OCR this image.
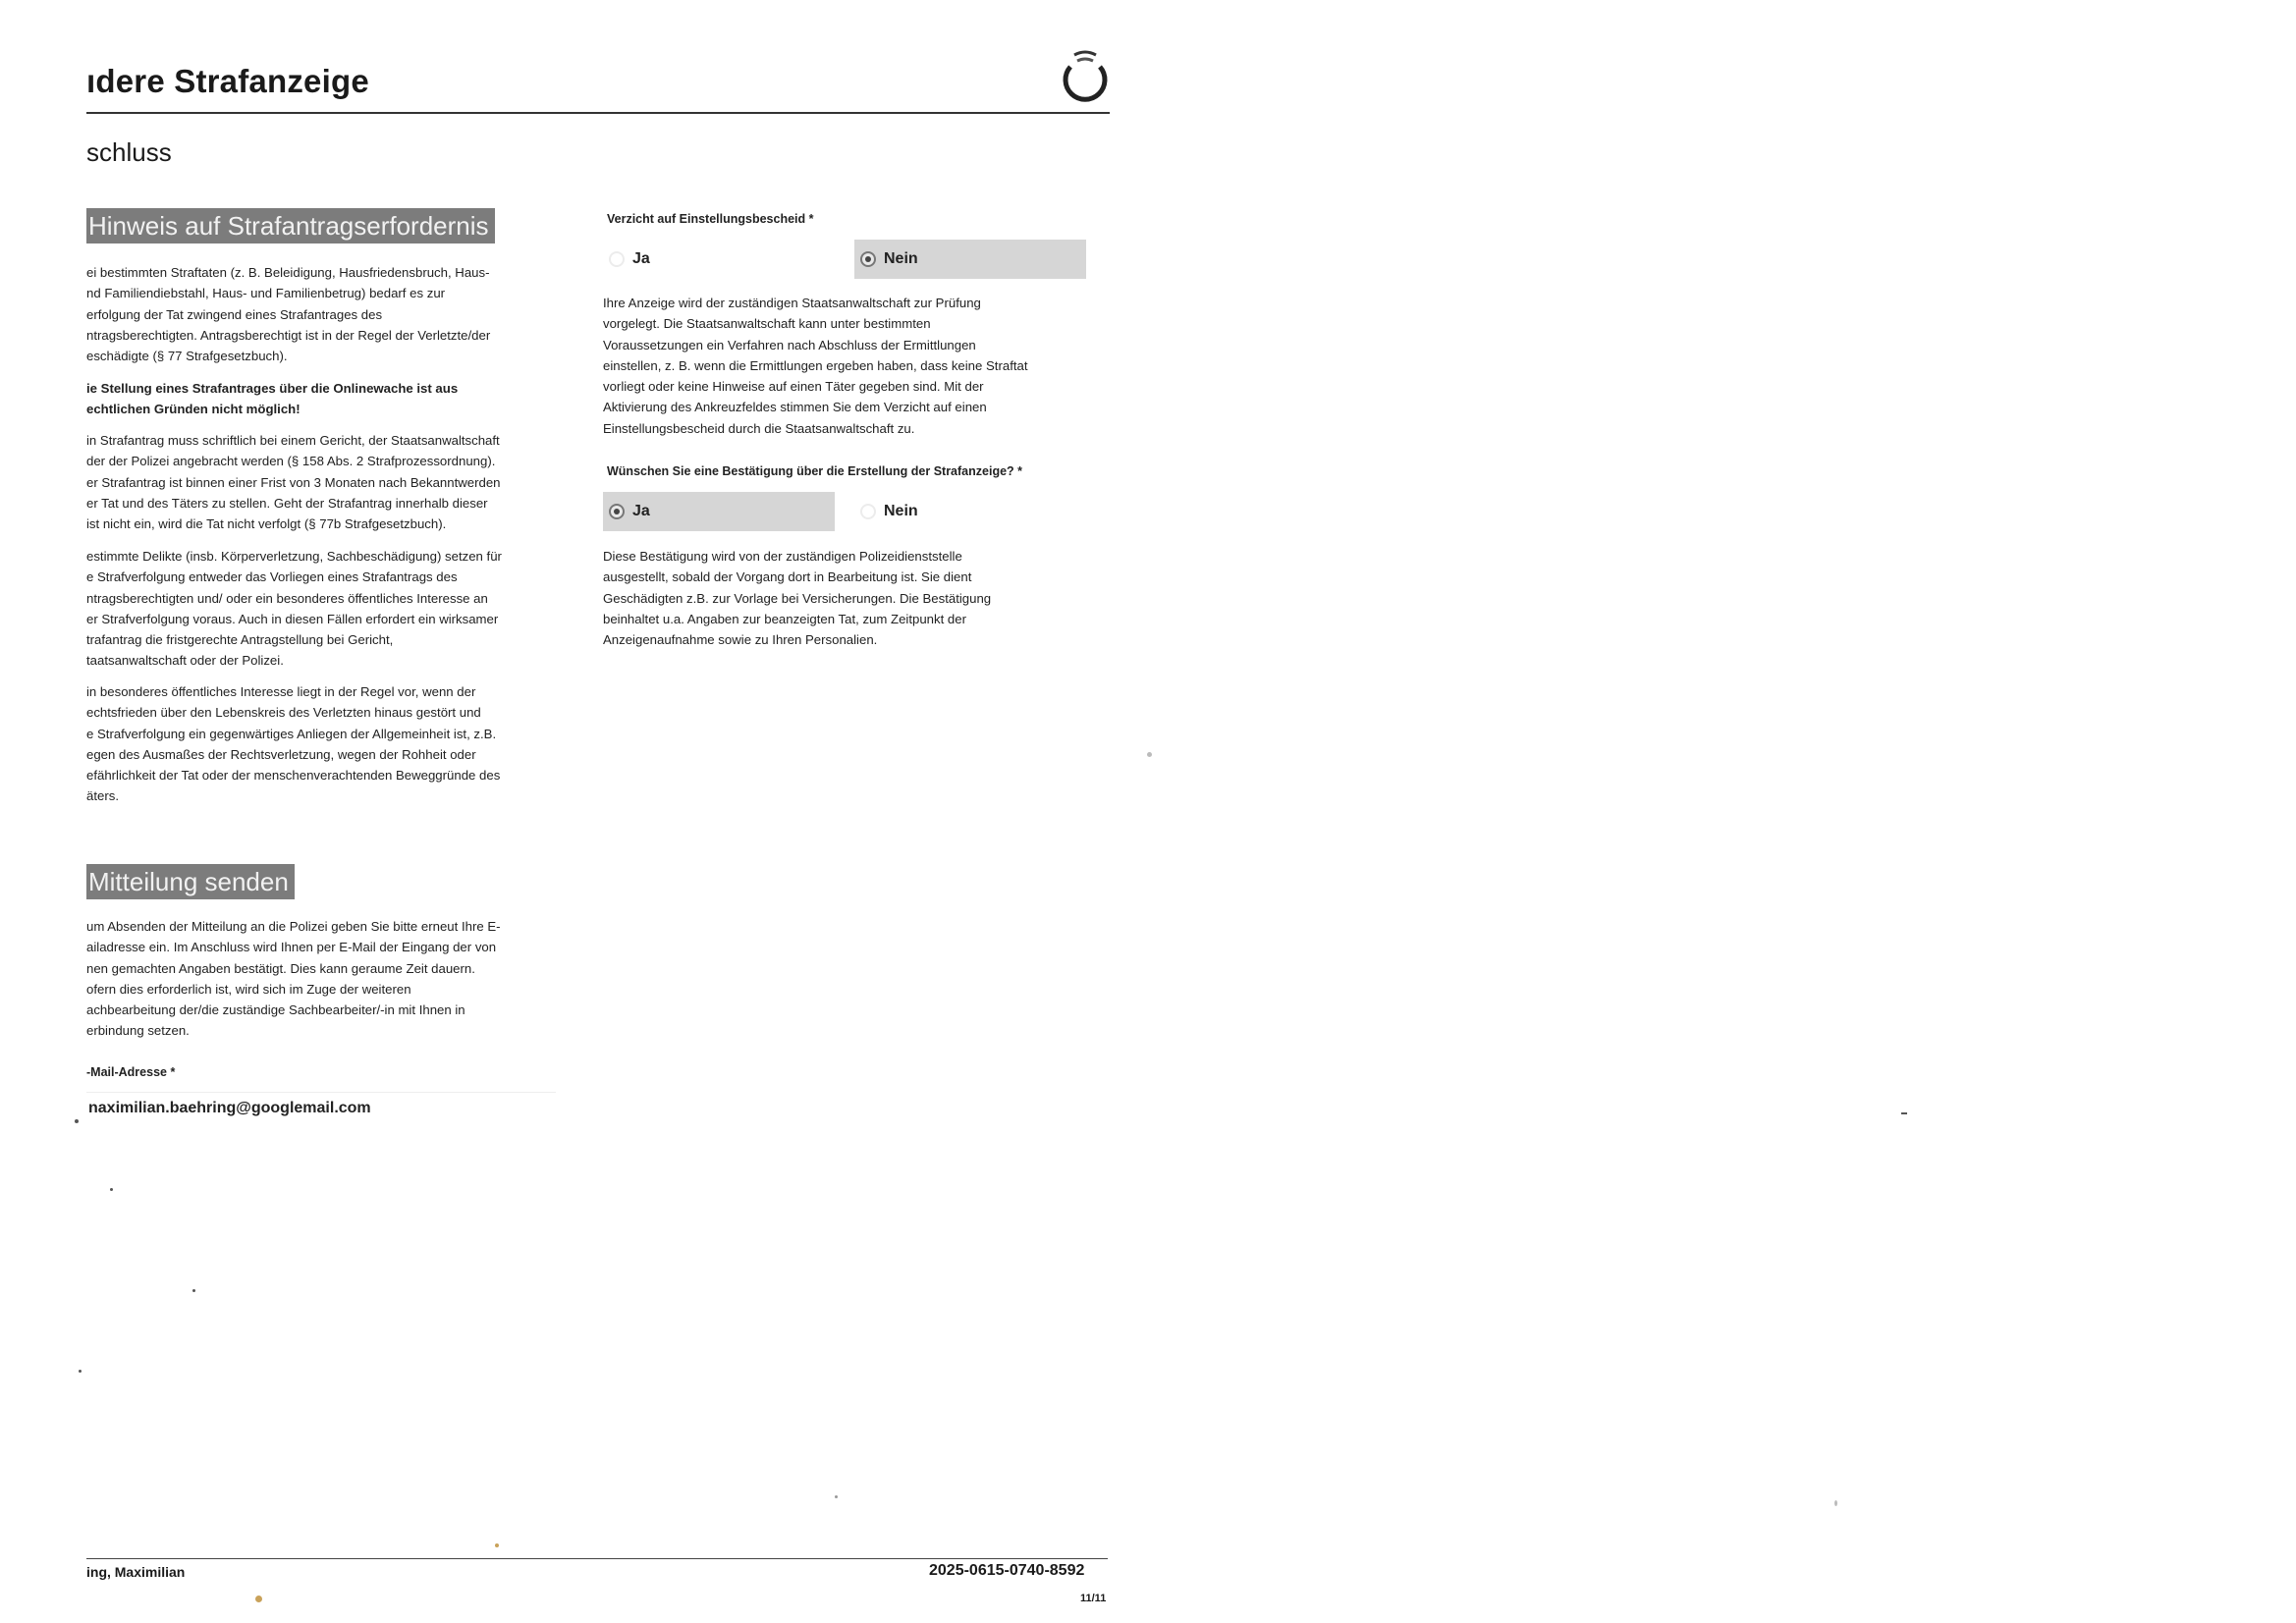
ıdere Strafanzeige
schluss
Hinweis auf Strafantragserfordernis

ei bestimmten Straftaten (z. B. Beleidigung, Hausfriedensbruch, Haus-
nd Familiendiebstahl, Haus- und Familienbetrug) bedarf es zur
erfolgung der Tat zwingend eines Strafantrages des
ntragsberechtigten. Antragsberechtigt ist in der Regel der Verletzte/der
eschädigte (§ 77 Strafgesetzbuch).

ie Stellung eines Strafantrages über die Onlinewache ist aus
echtlichen Gründen nicht möglich!

in Strafantrag muss schriftlich bei einem Gericht, der Staatsanwaltschaft
der der Polizei angebracht werden (§ 158 Abs. 2 Strafprozessordnung).
er Strafantrag ist binnen einer Frist von 3 Monaten nach Bekanntwerden
er Tat und des Täters zu stellen. Geht der Strafantrag innerhalb dieser
ist nicht ein, wird die Tat nicht verfolgt (§ 77b Strafgesetzbuch).

estimmte Delikte (insb. Körperverletzung, Sachbeschädigung) setzen für
e Strafverfolgung entweder das Vorliegen eines Strafantrags des
ntragsberechtigten und/ oder ein besonderes öffentliches Interesse an
er Strafverfolgung voraus. Auch in diesen Fällen erfordert ein wirksamer
trafantrag die fristgerechte Antragstellung bei Gericht,
taatsanwaltschaft oder der Polizei.

in besonderes öffentliches Interesse liegt in der Regel vor, wenn der
echtsfrieden über den Lebenskreis des Verletzten hinaus gestört und
e Strafverfolgung ein gegenwärtiges Anliegen der Allgemeinheit ist, z.B.
egen des Ausmaßes der Rechtsverletzung, wegen der Rohheit oder
efährlichkeit der Tat oder der menschenverachtenden Beweggründe des
äters.

Mitteilung senden

um Absenden der Mitteilung an die Polizei geben Sie bitte erneut Ihre E-
ailadresse ein. Im Anschluss wird Ihnen per E-Mail der Eingang der von
nen gemachten Angaben bestätigt. Dies kann geraume Zeit dauern.
ofern dies erforderlich ist, wird sich im Zuge der weiteren
achbearbeitung der/die zuständige Sachbearbeiter/-in mit Ihnen in
erbindung setzen.

-Mail-Adresse *
naximilian.baehring@googlemail.com
Verzicht auf Einstellungsbescheid *
Ja	Nein

Ihre Anzeige wird der zuständigen Staatsanwaltschaft zur Prüfung
vorgelegt. Die Staatsanwaltschaft kann unter bestimmten
Voraussetzungen ein Verfahren nach Abschluss der Ermittlungen
einstellen, z. B. wenn die Ermittlungen ergeben haben, dass keine Straftat
vorliegt oder keine Hinweise auf einen Täter gegeben sind. Mit der
Aktivierung des Ankreuzfeldes stimmen Sie dem Verzicht auf einen
Einstellungsbescheid durch die Staatsanwaltschaft zu.

Wünschen Sie eine Bestätigung über die Erstellung der Strafanzeige? *
Ja	Nein

Diese Bestätigung wird von der zuständigen Polizeidienststelle
ausgestellt, sobald der Vorgang dort in Bearbeitung ist. Sie dient
Geschädigten z.B. zur Vorlage bei Versicherungen. Die Bestätigung
beinhaltet u.a. Angaben zur beanzeigten Tat, zum Zeitpunkt der
Anzeigenaufnahme sowie zu Ihren Personalien.

ing, Maximilian	2025-0615-0740-8592
11/11
